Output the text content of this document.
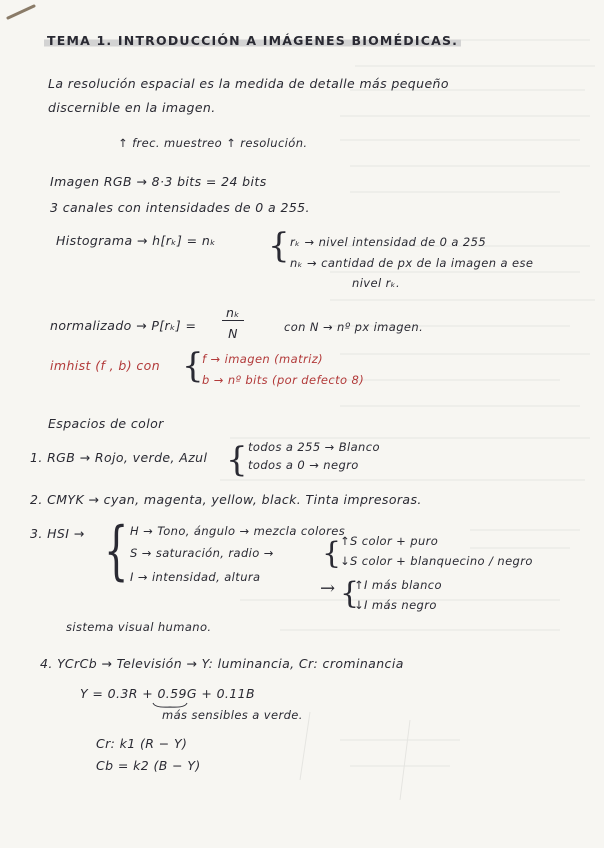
TEMA 1. INTRODUCCIÓN A IMÁGENES BIOMÉDICAS.
La resolución espacial es la medida de detalle más pequeño
discernible en la imagen.
↑ frec. muestreo ↑ resolución.
Imagen RGB → 8·3 bits = 24 bits
3 canales con intensidades de 0 a 255.
Histograma → h[rₖ] = nₖ { rₖ → nivel intensidad de 0 a 255
nₖ → cantidad de px de la imagen a ese
nivel rₖ.
normalizado → P[rₖ] =
nₖ
N	con N → nº px imagen.
imhist (f , b) con {
f → imagen (matriz)
b → nº bits (por defecto 8)
Espacios de color
1. RGB → Rojo, verde, Azul { todos a 255 → Blanco
todos a 0 → negro
2. CMYK → cyan, magenta, yellow, black. Tinta impresoras.
3. HSI → { H → Tono, ángulo → mezcla colores
S → saturación, radio → {
↑S color + puro
↓S color + blanquecino / negro
I → intensidad, altura
→ {
↑I más blanco
↓I más negro
sistema visual humano.
4. YCrCb → Televisión → Y: luminancia, Cr: crominancia
Y = 0.3R + 0.59G + 0.11B
más sensibles a verde.
Cr: k1 (R − Y)
Cb = k2 (B − Y)
